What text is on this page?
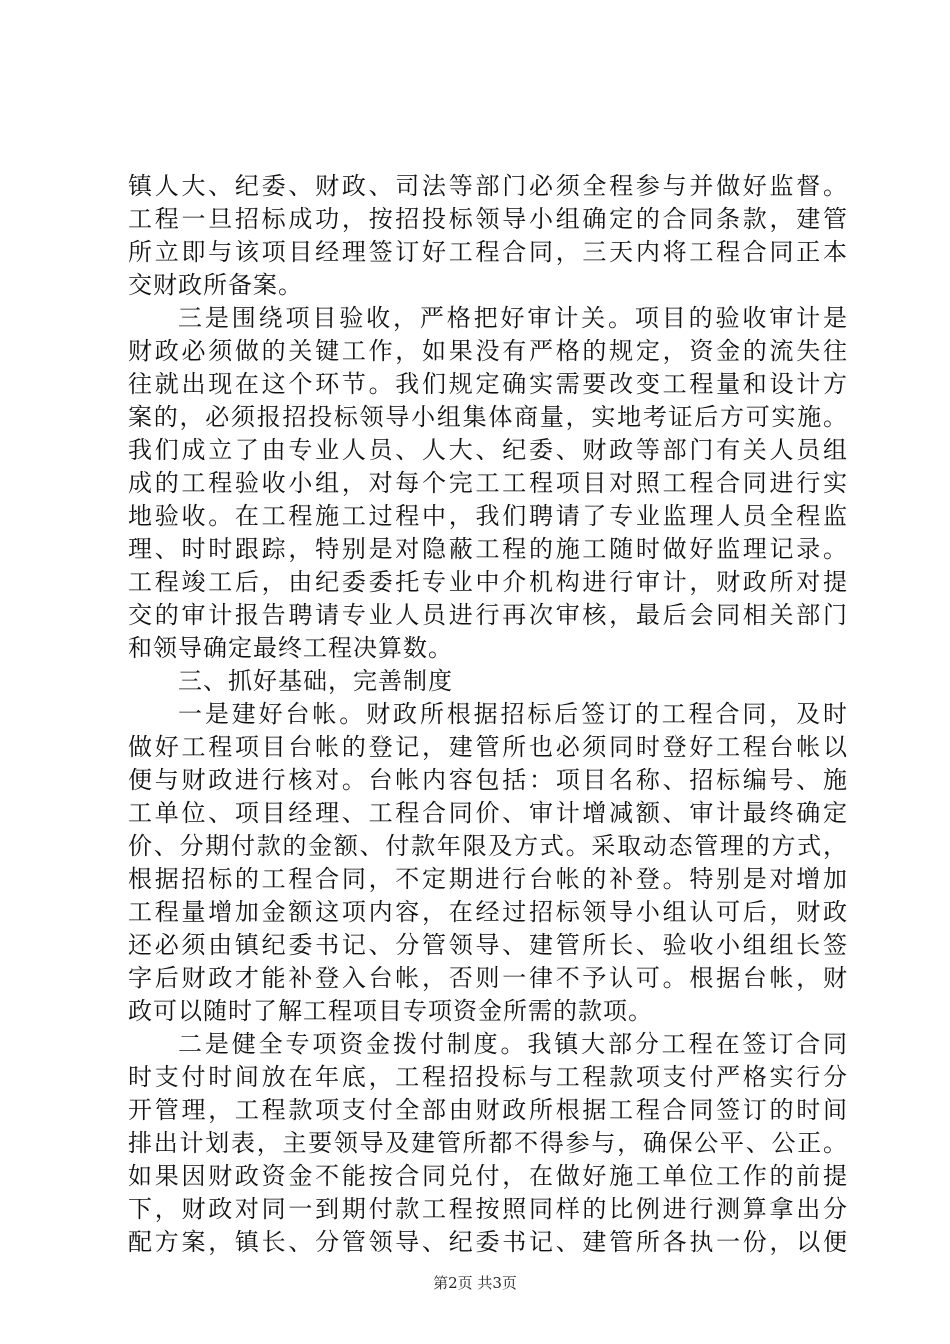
镇人大、纪委、财政、司法等部门必须全程参与并做好监督。
工程一旦招标成功，按招投标领导小组确定的合同条款，建管
所立即与该项目经理签订好工程合同，三天内将工程合同正本
交财政所备案。
三是围绕项目验收，严格把好审计关。项目的验收审计是
财政必须做的关键工作，如果没有严格的规定，资金的流失往
往就出现在这个环节。我们规定确实需要改变工程量和设计方
案的，必须报招投标领导小组集体商量，实地考证后方可实施。
我们成立了由专业人员、人大、纪委、财政等部门有关人员组
成的工程验收小组，对每个完工工程项目对照工程合同进行实
地验收。在工程施工过程中，我们聘请了专业监理人员全程监
理、时时跟踪，特别是对隐蔽工程的施工随时做好监理记录。
工程竣工后，由纪委委托专业中介机构进行审计，财政所对提
交的审计报告聘请专业人员进行再次审核，最后会同相关部门
和领导确定最终工程决算数。
三、抓好基础，完善制度
一是建好台帐。财政所根据招标后签订的工程合同，及时
做好工程项目台帐的登记，建管所也必须同时登好工程台帐以
便与财政进行核对。台帐内容包括：项目名称、招标编号、施
工单位、项目经理、工程合同价、审计增减额、审计最终确定
价、分期付款的金额、付款年限及方式。采取动态管理的方式，
根据招标的工程合同，不定期进行台帐的补登。特别是对增加
工程量增加金额这项内容，在经过招标领导小组认可后，财政
还必须由镇纪委书记、分管领导、建管所长、验收小组组长签
字后财政才能补登入台帐，否则一律不予认可。根据台帐，财
政可以随时了解工程项目专项资金所需的款项。
二是健全专项资金拨付制度。我镇大部分工程在签订合同
时支付时间放在年底，工程招投标与工程款项支付严格实行分
开管理，工程款项支付全部由财政所根据工程合同签订的时间
排出计划表，主要领导及建管所都不得参与，确保公平、公正。
如果因财政资金不能按合同兑付，在做好施工单位工作的前提
下，财政对同一到期付款工程按照同样的比例进行测算拿出分
配方案，镇长、分管领导、纪委书记、建管所各执一份，以便
第2页 共3页
